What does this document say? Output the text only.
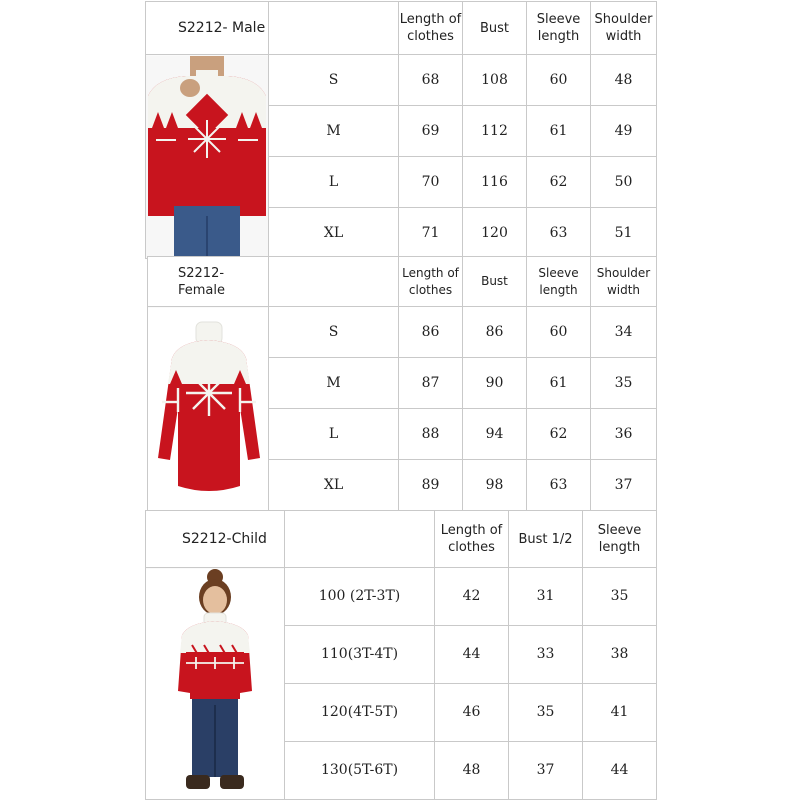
S2212- Male		Length of clothes	Bust	Sleeve length	Shoulder width

	S	68	108	60	48
	M	69	112	61	49
	L	70	116	62	50
	XL	71	120	63	51
S2212-Female		Length of clothes	Bust	Sleeve length	Shoulder width

	S	86	86	60	34
	M	87	90	61	35
	L	88	94	62	36
	XL	89	98	63	37
S2212-Child		Length of clothes	Bust 1/2	Sleeve length

	100 (2T-3T)	42	31	35
	110(3T-4T)	44	33	38
	120(4T-5T)	46	35	41
	130(5T-6T)	48	37	44
